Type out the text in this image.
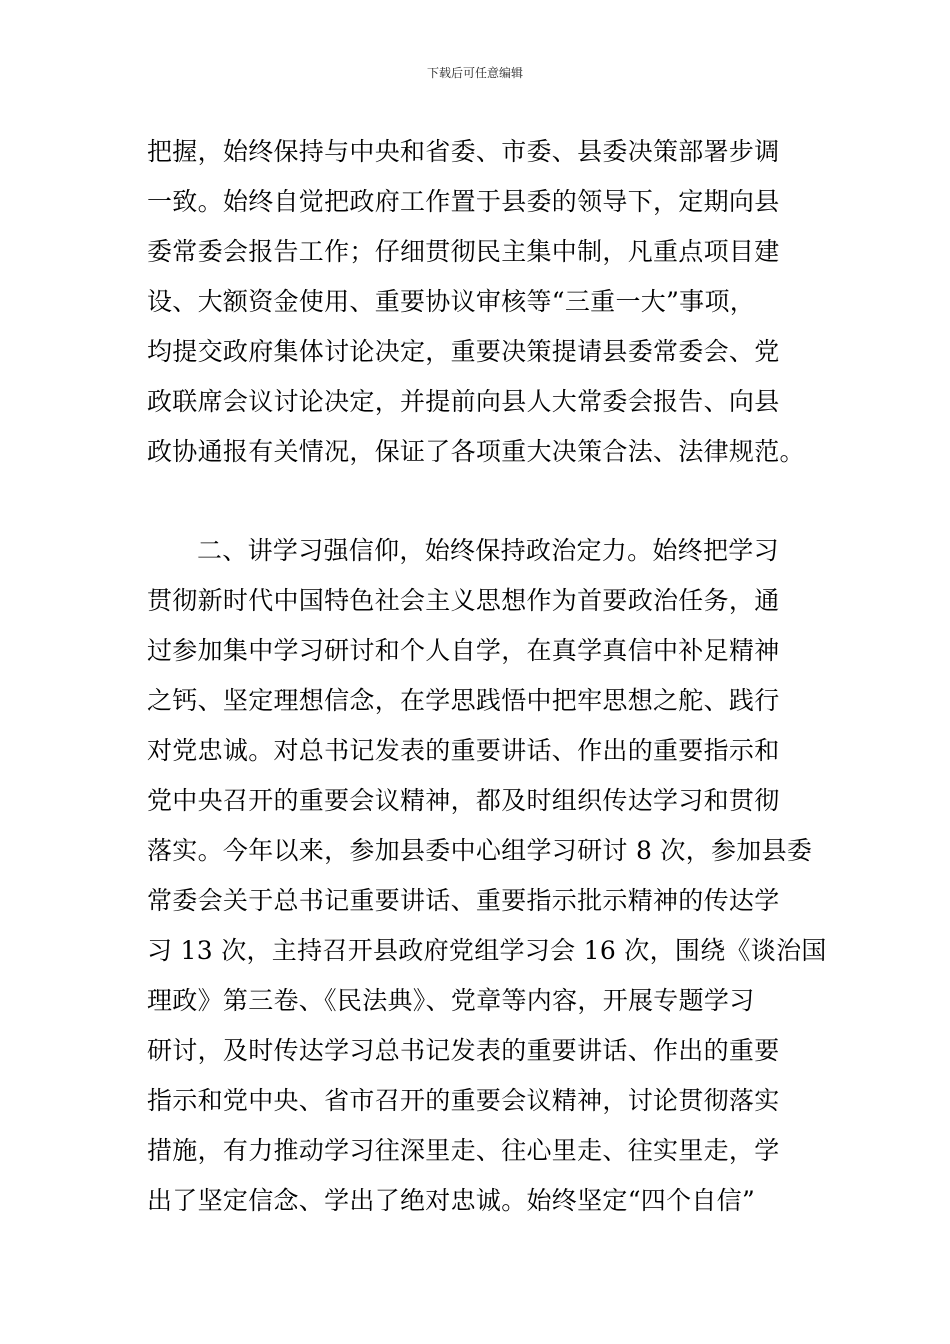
下载后可任意编辑
把握，始终保持与中央和省委、市委、县委决策部署步调
一致。始终自觉把政府工作置于县委的领导下，定期向县
委常委会报告工作；仔细贯彻民主集中制，凡重点项目建
设、大额资金使用、重要协议审核等“三重一大”事项，
均提交政府集体讨论决定，重要决策提请县委常委会、党
政联席会议讨论决定，并提前向县人大常委会报告、向县
政协通报有关情况，保证了各项重大决策合法、法律规范。
二、讲学习强信仰，始终保持政治定力。始终把学习
贯彻新时代中国特色社会主义思想作为首要政治任务，通
过参加集中学习研讨和个人自学，在真学真信中补足精神
之钙、坚定理想信念，在学思践悟中把牢思想之舵、践行
对党忠诚。对总书记发表的重要讲话、作出的重要指示和
党中央召开的重要会议精神，都及时组织传达学习和贯彻
落实。今年以来，参加县委中心组学习研讨 8 次，参加县委
常委会关于总书记重要讲话、重要指示批示精神的传达学
习 13 次，主持召开县政府党组学习会 16 次，围绕《谈治国
理政》第三卷、《民法典》、党章等内容，开展专题学习
研讨，及时传达学习总书记发表的重要讲话、作出的重要
指示和党中央、省市召开的重要会议精神，讨论贯彻落实
措施，有力推动学习往深里走、往心里走、往实里走，学
出了坚定信念、学出了绝对忠诚。始终坚定“四个自信”
